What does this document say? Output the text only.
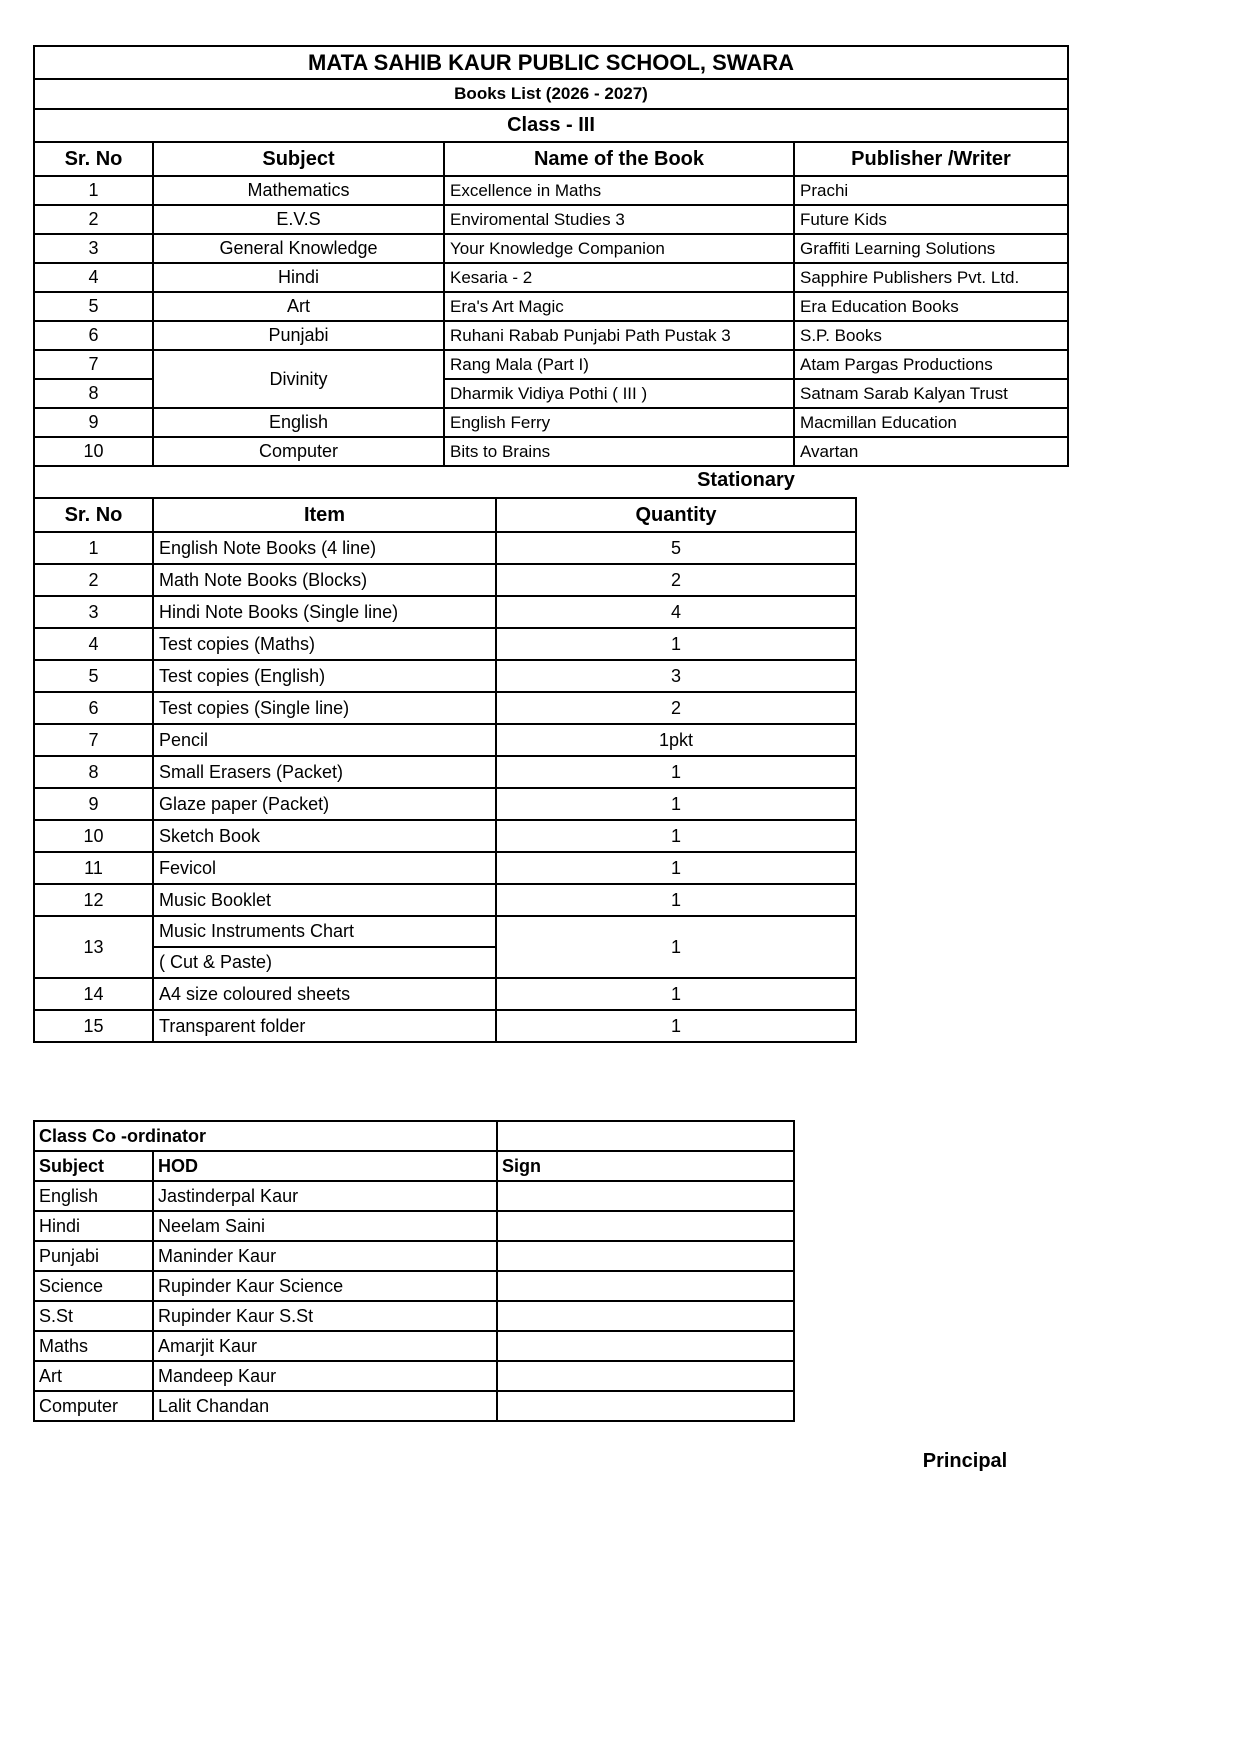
MATA SAHIB KAUR PUBLIC SCHOOL, SWARA			
Books List (2026 - 2027)			
Class - III			
Sr. No	Subject	Name of the Book	Publisher /Writer
1	Mathematics	Excellence in Maths	Prachi
2	E.V.S	Enviromental Studies 3	Future Kids
3	General Knowledge	Your Knowledge Companion	Graffiti Learning Solutions
4	Hindi	Kesaria - 2	Sapphire Publishers Pvt. Ltd.
5	Art	Era's Art Magic	Era Education Books
6	Punjabi	Ruhani Rabab Punjabi Path Pustak 3	S.P. Books
7	Divinity	Rang Mala (Part I)	Atam Pargas Productions
8		Dharmik Vidiya Pothi ( III )	Satnam Sarab Kalyan Trust
9	English	English Ferry	Macmillan Education
10	Computer	Bits to Brains	Avartan
Stationary
Sr. No	Item	Quantity
1	English Note Books (4 line)	5
2	Math Note Books (Blocks)	2
3	Hindi Note Books (Single line)	4
4	Test copies (Maths)	1
5	Test copies (English)	3
6	Test copies (Single line)	2
7	Pencil	1pkt
8	Small Erasers (Packet)	1
9	Glaze paper (Packet)	1
10	Sketch Book	1
11	Fevicol	1
12	Music Booklet	1
13	Music Instruments Chart	1
	( Cut & Paste)	
14	A4 size coloured sheets	1
15	Transparent folder	1
Class Co -ordinator		
Subject	HOD	Sign
English	Jastinderpal Kaur	
Hindi	Neelam Saini	
Punjabi	Maninder Kaur	
Science	Rupinder Kaur Science	
S.St	Rupinder Kaur S.St	
Maths	Amarjit Kaur	
Art	Mandeep Kaur	
Computer	Lalit Chandan	
Principal
